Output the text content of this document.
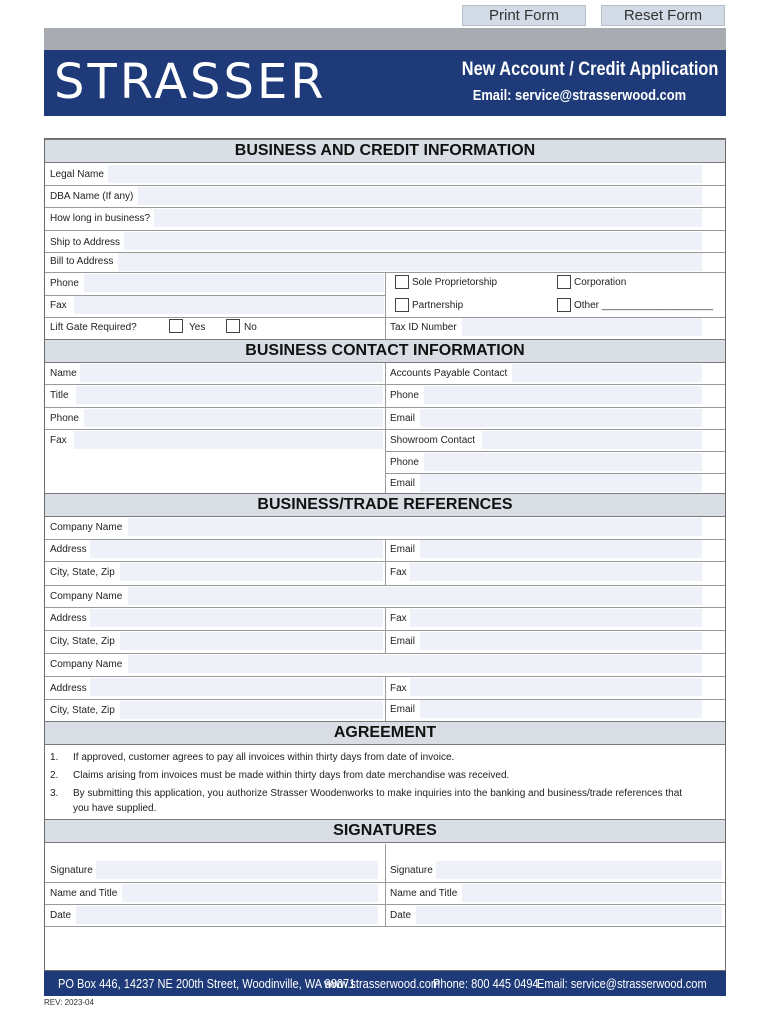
Print Form	Reset Form
STRASSER	New Account / Credit Application
Email: service@strasserwood.com
BUSINESS AND CREDIT INFORMATION
Legal Name
DBA Name (If any)
How long in business?
Ship to Address
Bill to Address
Phone	Sole Proprietorship	Corporation
Fax	Partnership	Other ____________________
Lift Gate Required?	Yes	No	Tax ID Number
BUSINESS CONTACT INFORMATION
Name	Accounts Payable Contact
Title	Phone
Phone	Email
Fax	Showroom Contact
Phone
Email
BUSINESS/TRADE REFERENCES
Company Name
Address	Email
City, State, Zip	Fax
Company Name
Address	Fax
City, State, Zip	Email
Company Name
Address	Fax
City, State, Zip	Email
AGREEMENT
1. If approved, customer agrees to pay all invoices within thirty days from date of invoice.
2. Claims arising from invoices must be made within thirty days from date merchandise was received.
3. By submitting this application, you authorize Strasser Woodenworks to make inquiries into the banking and business/trade references that
you have supplied.
SIGNATURES
Signature	Signature
Name and Title	Name and Title
Date	Date
PO Box 446, 14237 NE 200th Street, Woodinville, WA 98071
www.strasserwood.com
Phone: 800 445 0494
Email: service@strasserwood.com
REV: 2023-04
